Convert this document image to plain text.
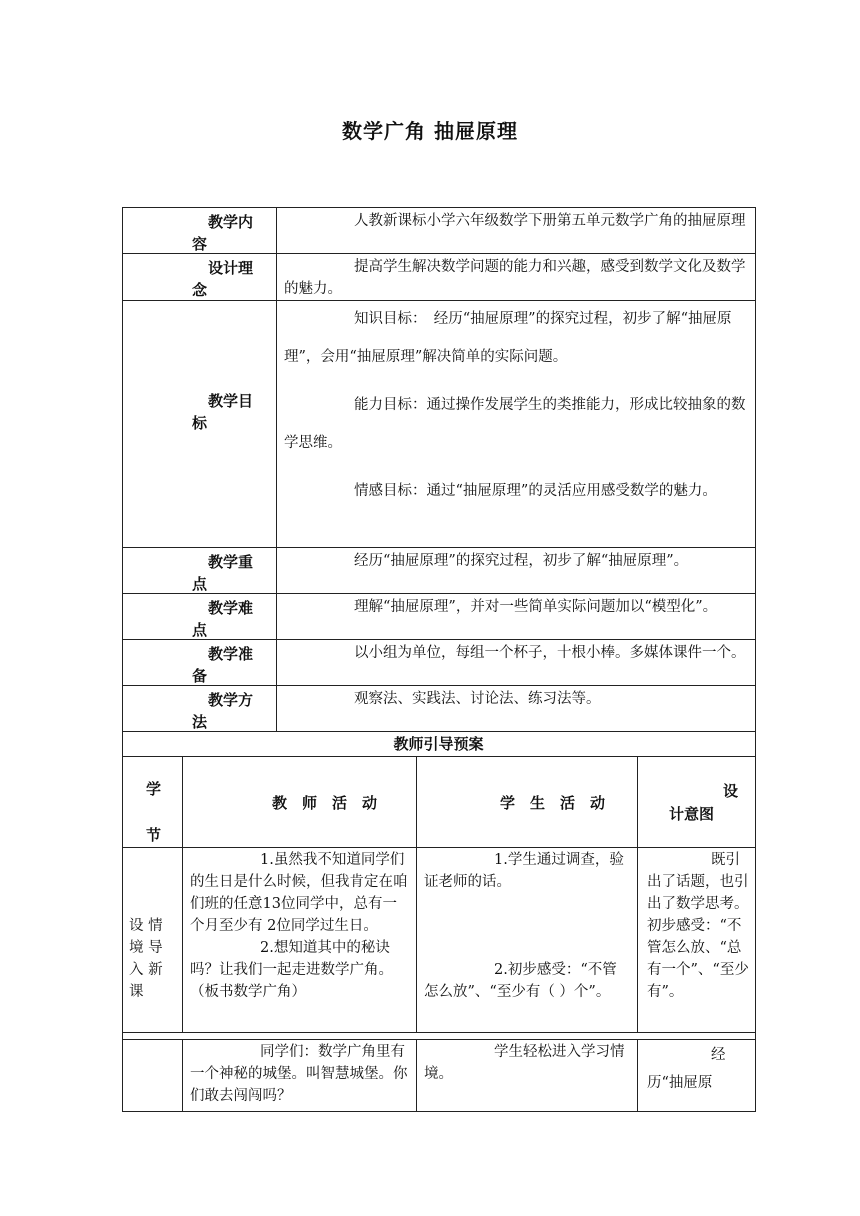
数学广角 抽屉原理
教学内
容
人教新课标小学六年级数学下册第五单元数学广角的抽屉原理
设计理
念
提高学生解决数学问题的能力和兴趣，感受到数学文化及数学的魅力。
教学目
标

知识目标：　经历“抽屉原理”的探究过程，初步了解“抽屉原理”，会用“抽屉原理”解决简单的实际问题。

能力目标：通过操作发展学生的类推能力，形成比较抽象的数学思维。

情感目标：通过“抽屉原理”的灵活应用感受数学的魅力。

教学重
点
经历“抽屉原理”的探究过程，初步了解“抽屉原理”。
教学难
点
理解“抽屉原理”，并对一些简单实际问题加以“模型化”。
教学准
备
以小组为单位，每组一个杯子，十根小棒。多媒体课件一个。
教学方
法
观察法、实践法、讨论法、练习法等。
教师引导预案
学
节
教　师　活　动	学　生　活　动
设
计意图
设 情
境 导
入 新
课

1.虽然我不知道同学们的生日是什么时候，但我肯定在咱们班的任意13位同学中，总有一个月至少有 2位同学过生日。

2.想知道其中的秘诀吗？让我们一起走进数学广角。（板书数学广角）

1.学生通过调查，验证老师的话。

2.初步感受：“不管怎么放”、“至少有（ ）个”。

既引出了话题，也引出了数学思考。初步感受：“不管怎么放、“总有一个”、“至少有”。

同学们：数学广角里有一个神秘的城堡。叫智慧城堡。你们敢去闯闯吗？

学生轻松进入学习情境。

经历“抽屉原
